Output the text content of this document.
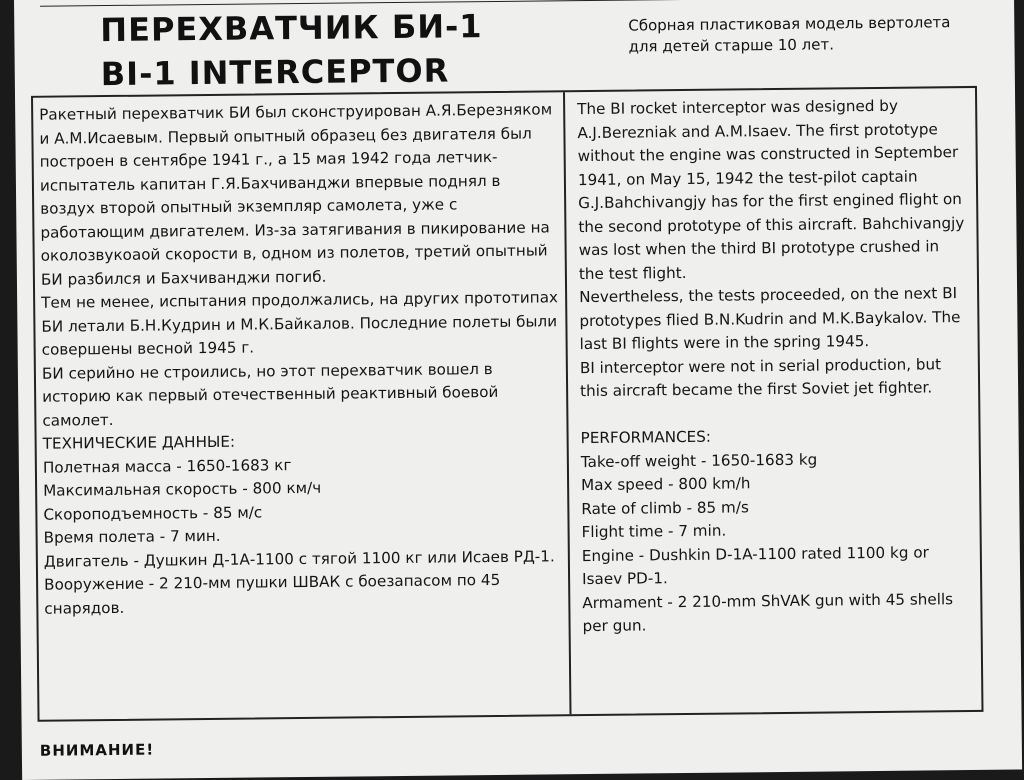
ПЕРЕХВАТЧИК БИ-1
BI-1 INTERCEPTOR
Сборная пластиковая модель вертолета для детей старше 10 лет.

Ракетный перехватчик БИ был сконструирован А.Я.Березняком и А.М.Исаевым. Первый опытный образец без двигателя был построен в сентябре 1941 г., а 15 мая 1942 года летчик-испытатель капитан Г.Я.Бахчиванджи впервые поднял в воздух второй опытный экземпляр самолета, уже с работающим двигателем. Из-за затягивания в пикирование на околозвукоаой скорости в, одном из полетов, третий опытный БИ разбился и Бахчиванджи погиб.

Тем не менее, испытания продолжались, на других прототипах БИ летали Б.Н.Кудрин и М.К.Байкалов. Последние полеты были совершены весной 1945 г.

БИ серийно не строились, но этот перехватчик вошел в историю как первый отечественный реактивный боевой самолет.

ТЕХНИЧЕСКИЕ ДАННЫЕ:

Полетная масса - 1650-1683 кг

Максимальная скорость - 800 км/ч

Скороподъемность - 85 м/с

Время полета - 7 мин.

Двигатель - Душкин Д-1А-1100 с тягой 1100 кг или Исаев РД-1.

Вооружение - 2 210-мм пушки ШВАК с боезапасом по 45 снарядов.

The BI rocket interceptor was designed by A.J.Berezniak and A.M.Isaev. The first prototype without the engine was constructed in September 1941, on May 15, 1942 the test-pilot captain G.J.Bahchivangjy has for the first engined flight on the second prototype of this aircraft. Bahchivangjy was lost when the third BI prototype crushed in the test flight.

Nevertheless, the tests proceeded, on the next BI prototypes flied B.N.Kudrin and M.K.Baykalov. The last BI flights were in the spring 1945.

BI interceptor were not in serial production, but this aircraft became the first Soviet jet fighter.

PERFORMANCES:

Take-off weight - 1650-1683 kg

Max speed - 800 km/h

Rate of climb - 85 m/s

Flight time - 7 min.

Engine - Dushkin D-1A-1100 rated 1100 kg or Isaev PD-1.

Armament - 2 210-mm ShVAK gun with 45 shells per gun.

ВНИМАНИЕ!
